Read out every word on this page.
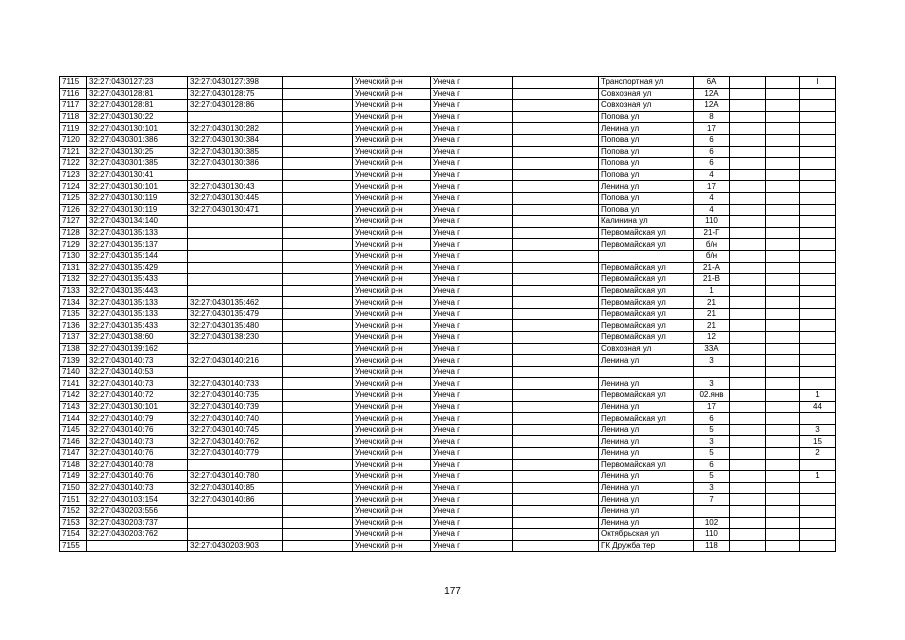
7115	32:27:0430127:23	32:27:0430127:398		Унечский р-н	Унеча г		Транспортная ул	6А			I
7116	32:27:0430128:81	32:27:0430128:75		Унечский р-н	Унеча г		Совхозная ул	12А			
7117	32:27:0430128:81	32:27:0430128:86		Унечский р-н	Унеча г		Совхозная ул	12А			
7118	32:27:0430130:22			Унечский р-н	Унеча г		Попова ул	8			
7119	32:27:0430130:101	32:27:0430130:282		Унечский р-н	Унеча г		Ленина ул	17			
7120	32:27:0430301:386	32:27:0430130:384		Унечский р-н	Унеча г		Попова ул	6			
7121	32:27:0430130:25	32:27:0430130:385		Унечский р-н	Унеча г		Попова ул	6			
7122	32:27:0430301:385	32:27:0430130:386		Унечский р-н	Унеча г		Попова ул	6			
7123	32:27:0430130:41			Унечский р-н	Унеча г		Попова ул	4			
7124	32:27:0430130:101	32:27:0430130:43		Унечский р-н	Унеча г		Ленина ул	17			
7125	32:27:0430130:119	32:27:0430130:445		Унечский р-н	Унеча г		Попова ул	4			
7126	32:27:0430130:119	32:27:0430130:471		Унечский р-н	Унеча г		Попова ул	4			
7127	32:27:0430134:140			Унечский р-н	Унеча г		Калинина ул	110			
7128	32:27:0430135:133			Унечский р-н	Унеча г		Первомайская ул	21-Г			
7129	32:27:0430135:137			Унечский р-н	Унеча г		Первомайская ул	б/н			
7130	32:27:0430135:144			Унечский р-н	Унеча г			б/н			
7131	32:27:0430135:429			Унечский р-н	Унеча г		Первомайская ул	21-А			
7132	32:27:0430135:433			Унечский р-н	Унеча г		Первомайская ул	21-В			
7133	32:27:0430135:443			Унечский р-н	Унеча г		Первомайская ул	1			
7134	32:27:0430135:133	32:27:0430135:462		Унечский р-н	Унеча г		Первомайская ул	21			
7135	32:27:0430135:133	32:27:0430135:479		Унечский р-н	Унеча г		Первомайская ул	21			
7136	32:27:0430135:433	32:27:0430135:480		Унечский р-н	Унеча г		Первомайская ул	21			
7137	32:27:0430138:60	32:27:0430138:230		Унечский р-н	Унеча г		Первомайская ул	12			
7138	32:27:0430139:162			Унечский р-н	Унеча г		Совхозная ул	33А			
7139	32:27:0430140:73	32:27:0430140:216		Унечский р-н	Унеча г		Ленина ул	3			
7140	32:27:0430140:53			Унечский р-н	Унеча г						
7141	32:27:0430140:73	32:27:0430140:733		Унечский р-н	Унеча г		Ленина ул	3			
7142	32:27:0430140:72	32:27:0430140:735		Унечский р-н	Унеча г		Первомайская ул	02.янв			1
7143	32:27:0430130:101	32:27:0430140:739		Унечский р-н	Унеча г		Ленина ул	17			44
7144	32:27:0430140:79	32:27:0430140:740		Унечский р-н	Унеча г		Первомайская ул	6			
7145	32:27:0430140:76	32:27:0430140:745		Унечский р-н	Унеча г		Ленина ул	5			3
7146	32:27:0430140:73	32:27:0430140:762		Унечский р-н	Унеча г		Ленина ул	3			15
7147	32:27:0430140:76	32:27:0430140:779		Унечский р-н	Унеча г		Ленина ул	5			2
7148	32:27:0430140:78			Унечский р-н	Унеча г		Первомайская ул	6			
7149	32:27:0430140:76	32:27:0430140:780		Унечский р-н	Унеча г		Ленина ул	5			1
7150	32:27:0430140:73	32:27:0430140:85		Унечский р-н	Унеча г		Ленина ул	3			
7151	32:27:0430103:154	32:27:0430140:86		Унечский р-н	Унеча г		Ленина ул	7			
7152	32:27:0430203:556			Унечский р-н	Унеча г		Ленина ул				
7153	32:27:0430203:737			Унечский р-н	Унеча г		Ленина ул	102			
7154	32:27:0430203:762			Унечский р-н	Унеча г		Октябрьская ул	110			
7155		32:27:0430203:903		Унечский р-н	Унеча г		ГК Дружба тер	118			
177
